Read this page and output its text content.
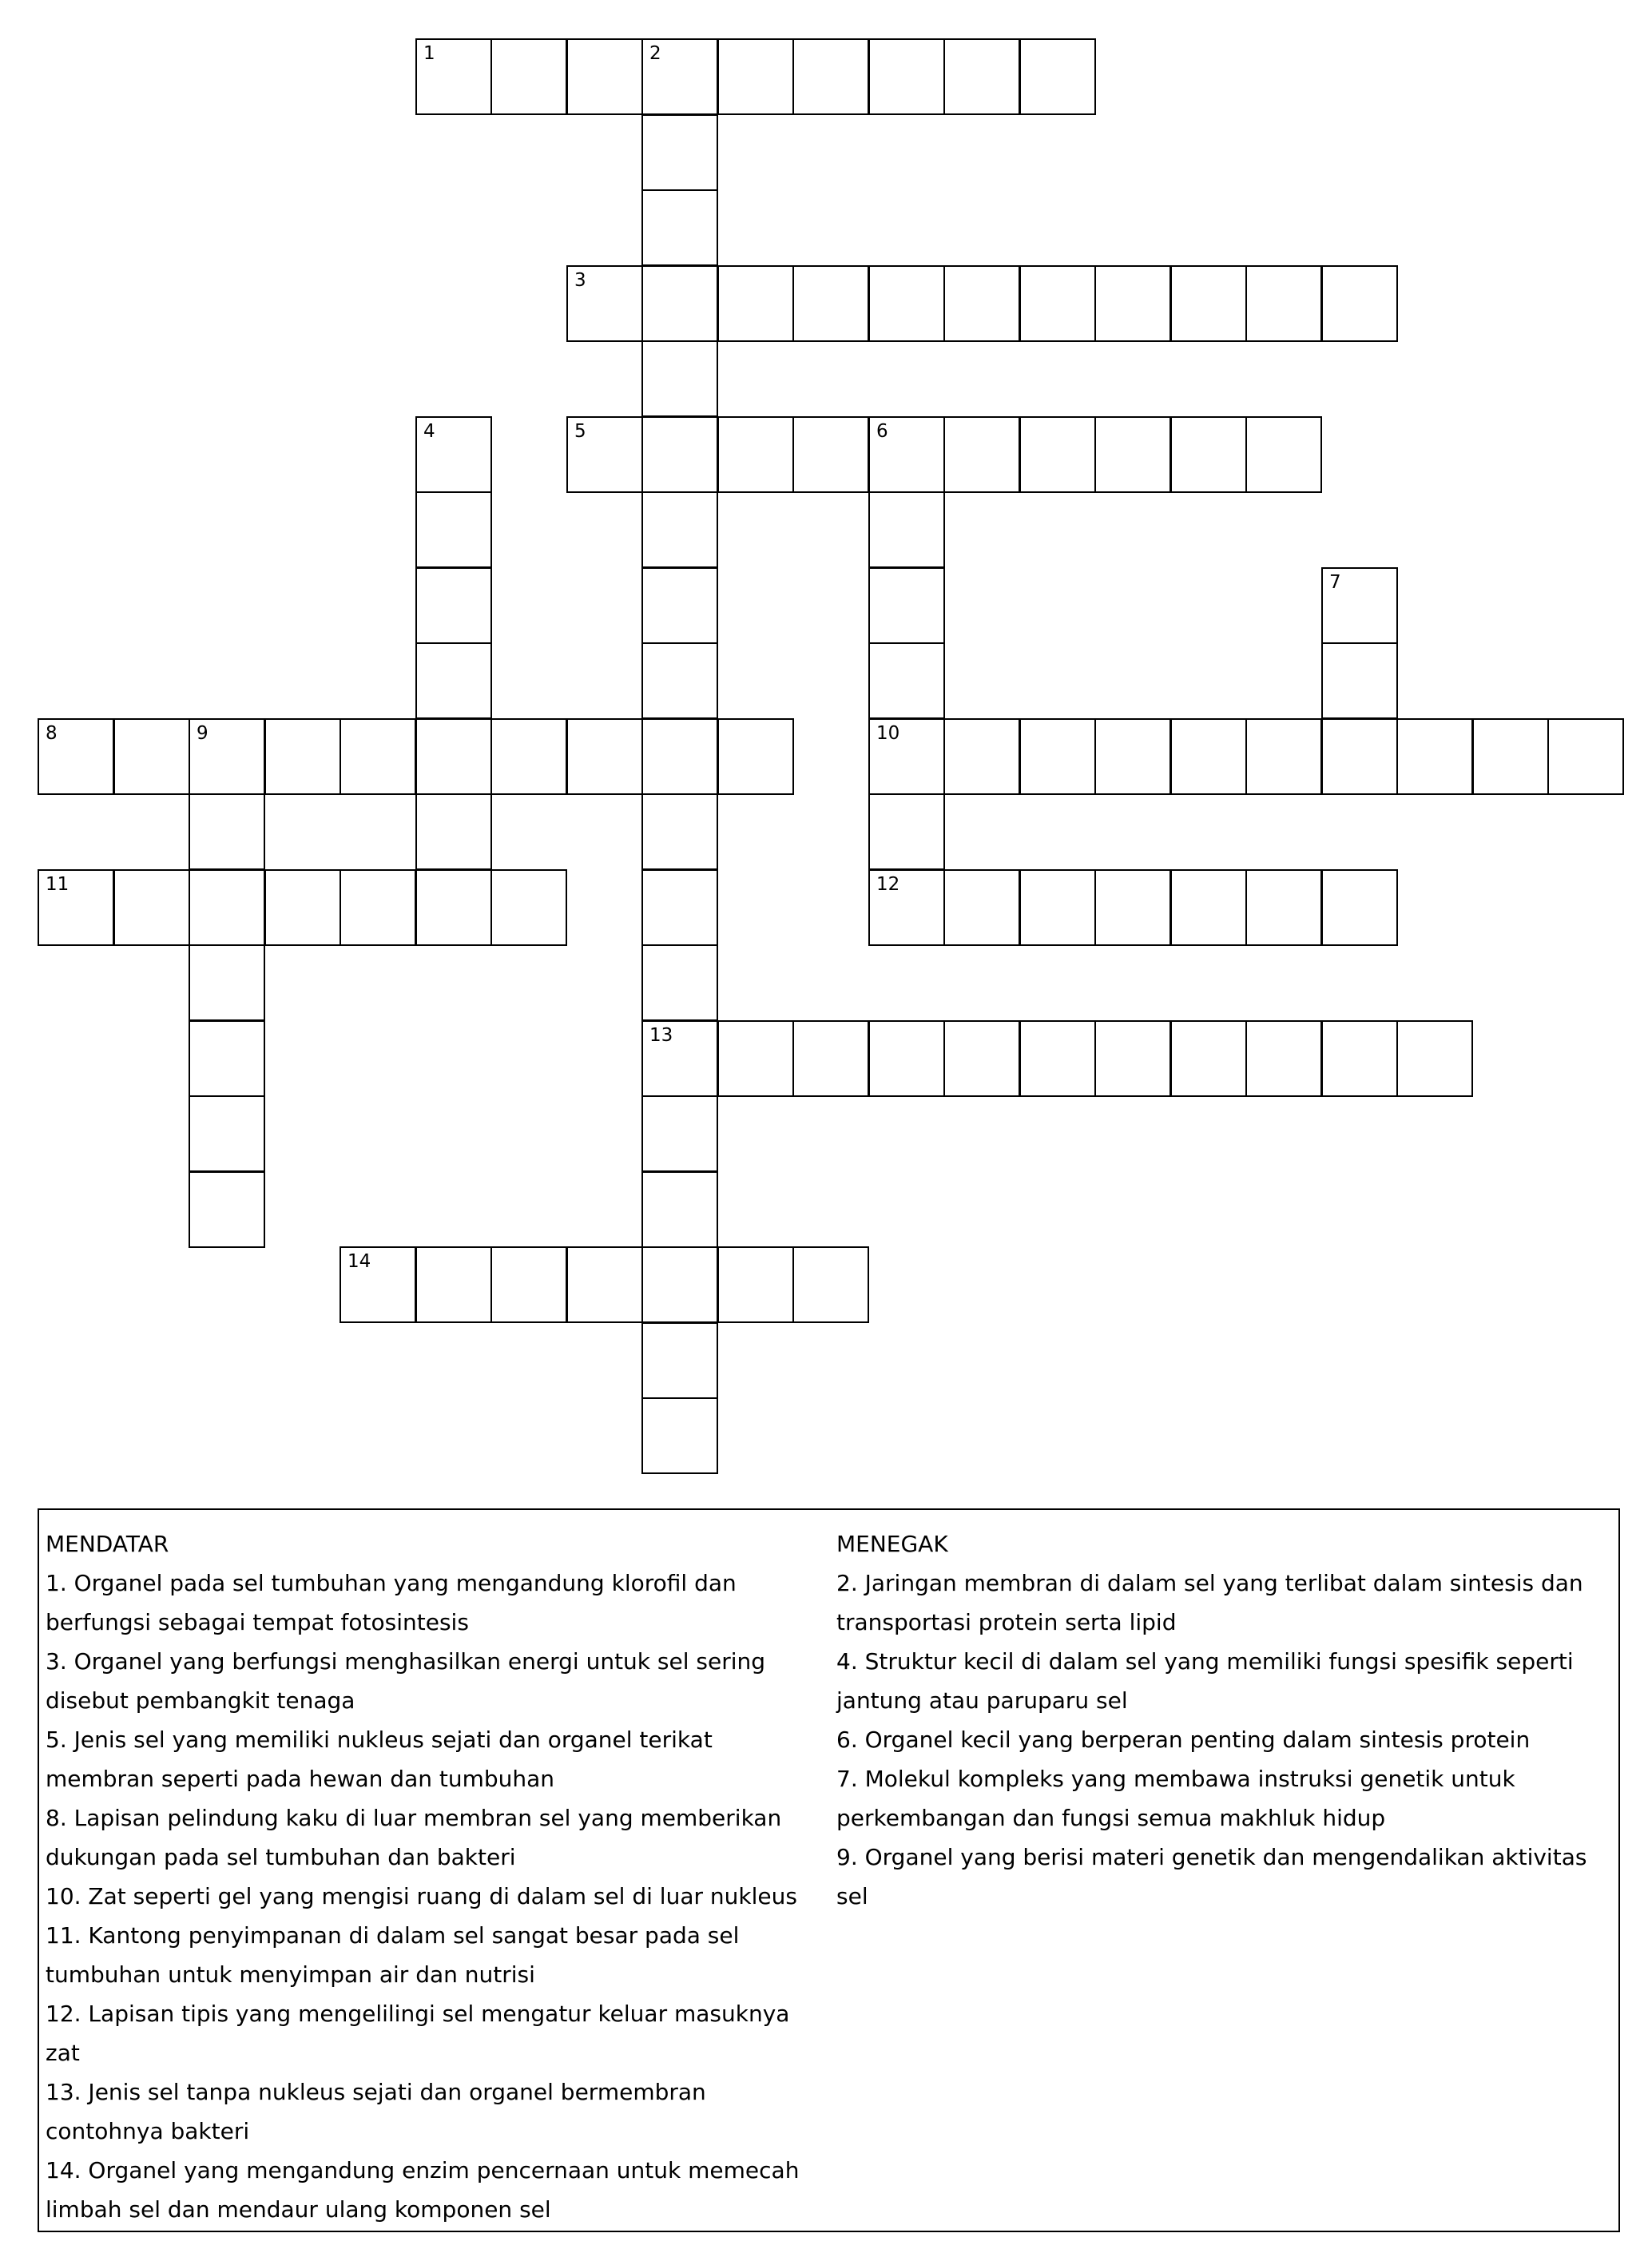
1	2
13
3
4	5	6
10
7
8	9
11	12
14

MENDATAR

1. Organel pada sel tumbuhan yang mengandung klorofil dan berfungsi sebagai tempat fotosintesis

3. Organel yang berfungsi menghasilkan energi untuk sel sering disebut pembangkit tenaga

5. Jenis sel yang memiliki nukleus sejati dan organel terikat membran seperti pada hewan dan tumbuhan

8. Lapisan pelindung kaku di luar membran sel yang memberikan dukungan pada sel tumbuhan dan bakteri

10. Zat seperti gel yang mengisi ruang di dalam sel di luar nukleus

11. Kantong penyimpanan di dalam sel sangat besar pada sel tumbuhan untuk menyimpan air dan nutrisi

12. Lapisan tipis yang mengelilingi sel mengatur keluar masuknya zat

13. Jenis sel tanpa nukleus sejati dan organel bermembran contohnya bakteri

14. Organel yang mengandung enzim pencernaan untuk memecah limbah sel dan mendaur ulang komponen sel

MENEGAK

2. Jaringan membran di dalam sel yang terlibat dalam sintesis dan transportasi protein serta lipid

4. Struktur kecil di dalam sel yang memiliki fungsi spesifik seperti jantung atau paruparu sel

6. Organel kecil yang berperan penting dalam sintesis protein

7. Molekul kompleks yang membawa instruksi genetik untuk perkembangan dan fungsi semua makhluk hidup

9. Organel yang berisi materi genetik dan mengendalikan aktivitas sel
